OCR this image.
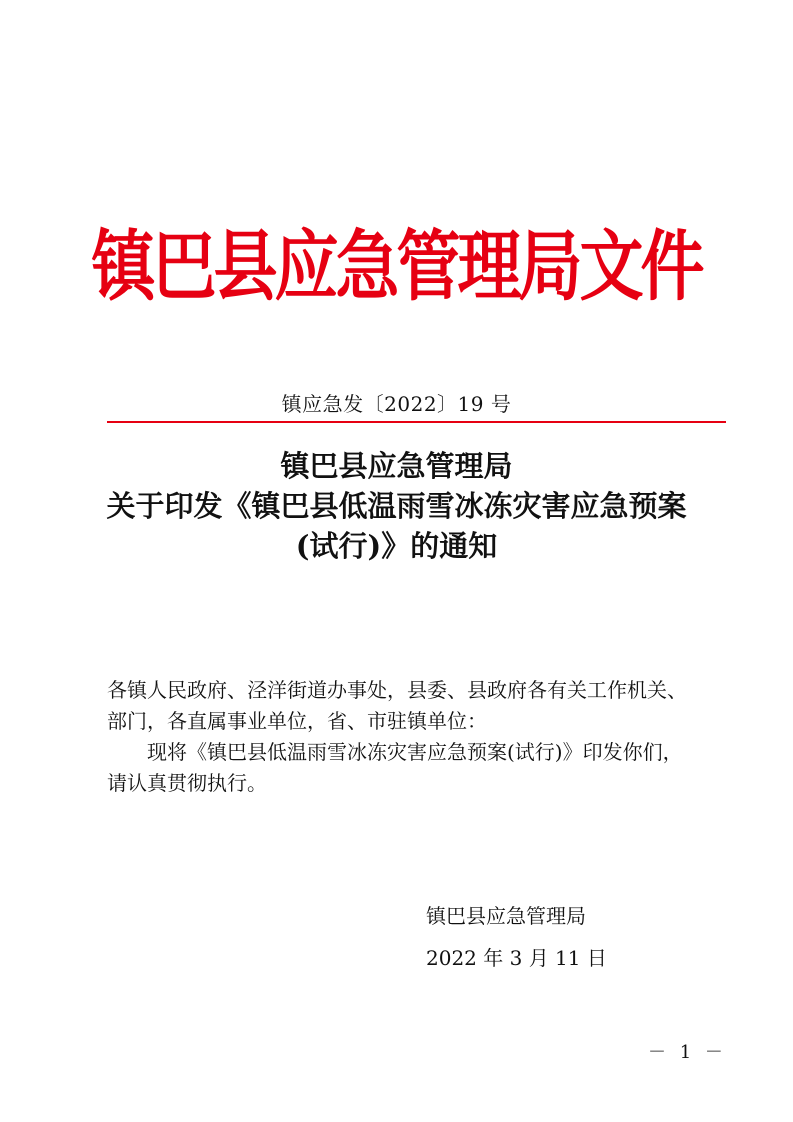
镇巴县应急管理局文件
镇应急发〔2022〕19 号
镇巴县应急管理局
关于印发《镇巴县低温雨雪冰冻灾害应急预案
(试行)》的通知

各镇人民政府、泾洋街道办事处，县委、县政府各有关工作机关、

部门，各直属事业单位，省、市驻镇单位：

现将《镇巴县低温雨雪冰冻灾害应急预案(试行)》印发你们，

请认真贯彻执行。

镇巴县应急管理局
2022 年 3 月 11 日
－ 1 －
